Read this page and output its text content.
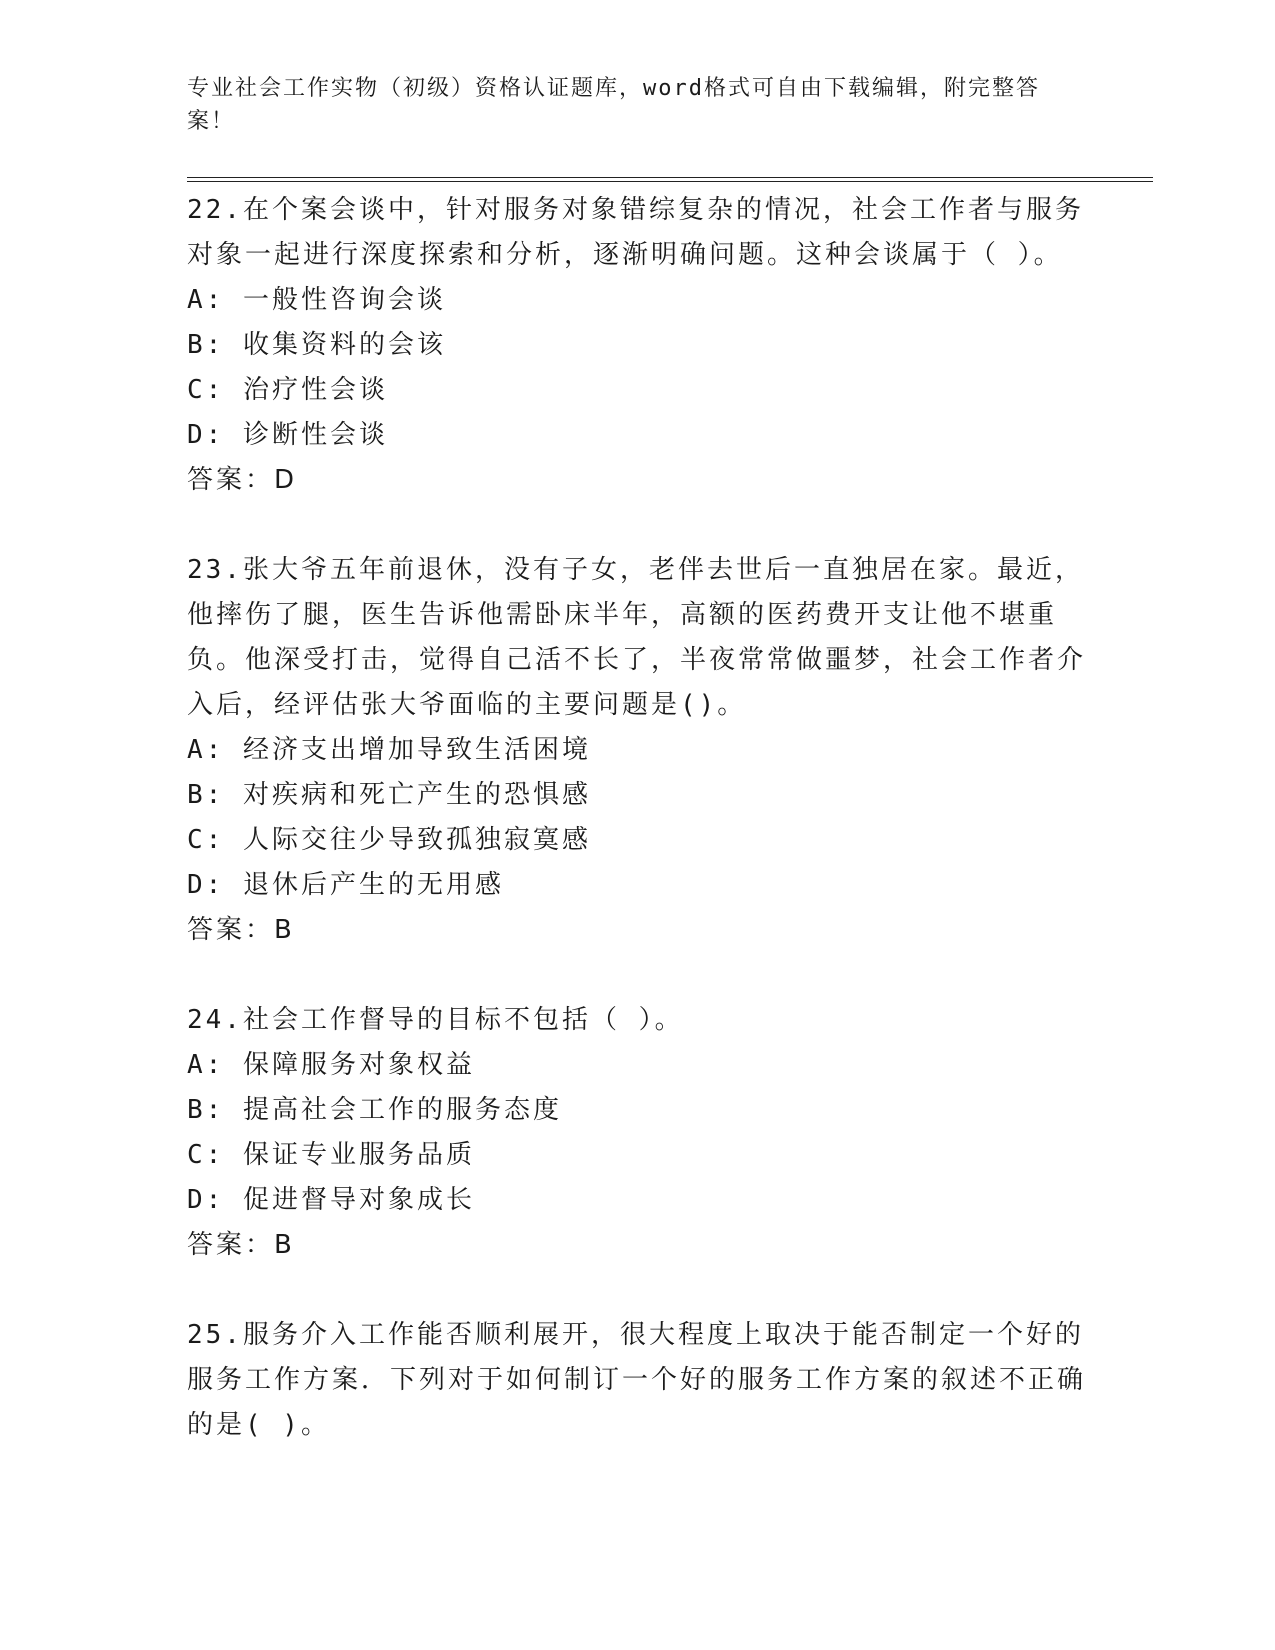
专业社会工作实物（初级）资格认证题库，word格式可自由下载编辑，附完整答案！
22.在个案会谈中，针对服务对象错综复杂的情况，社会工作者与服务对象一起进行深度探索和分析，逐渐明确问题。这种会谈属于（ ）。
A: 一般性咨询会谈
B: 收集资料的会该
C: 治疗性会谈
D: 诊断性会谈
答案：D
23.张大爷五年前退休，没有子女，老伴去世后一直独居在家。最近，他摔伤了腿，医生告诉他需卧床半年，高额的医药费开支让他不堪重负。他深受打击，觉得自己活不长了，半夜常常做噩梦，社会工作者介入后，经评估张大爷面临的主要问题是()。
A: 经济支出增加导致生活困境
B: 对疾病和死亡产生的恐惧感
C: 人际交往少导致孤独寂寞感
D: 退休后产生的无用感
答案：B
24.社会工作督导的目标不包括（ ）。
A: 保障服务对象权益
B: 提高社会工作的服务态度
C: 保证专业服务品质
D: 促进督导对象成长
答案：B
25.服务介入工作能否顺利展开，很大程度上取决于能否制定一个好的服务工作方案．下列对于如何制订一个好的服务工作方案的叙述不正确的是( )。
